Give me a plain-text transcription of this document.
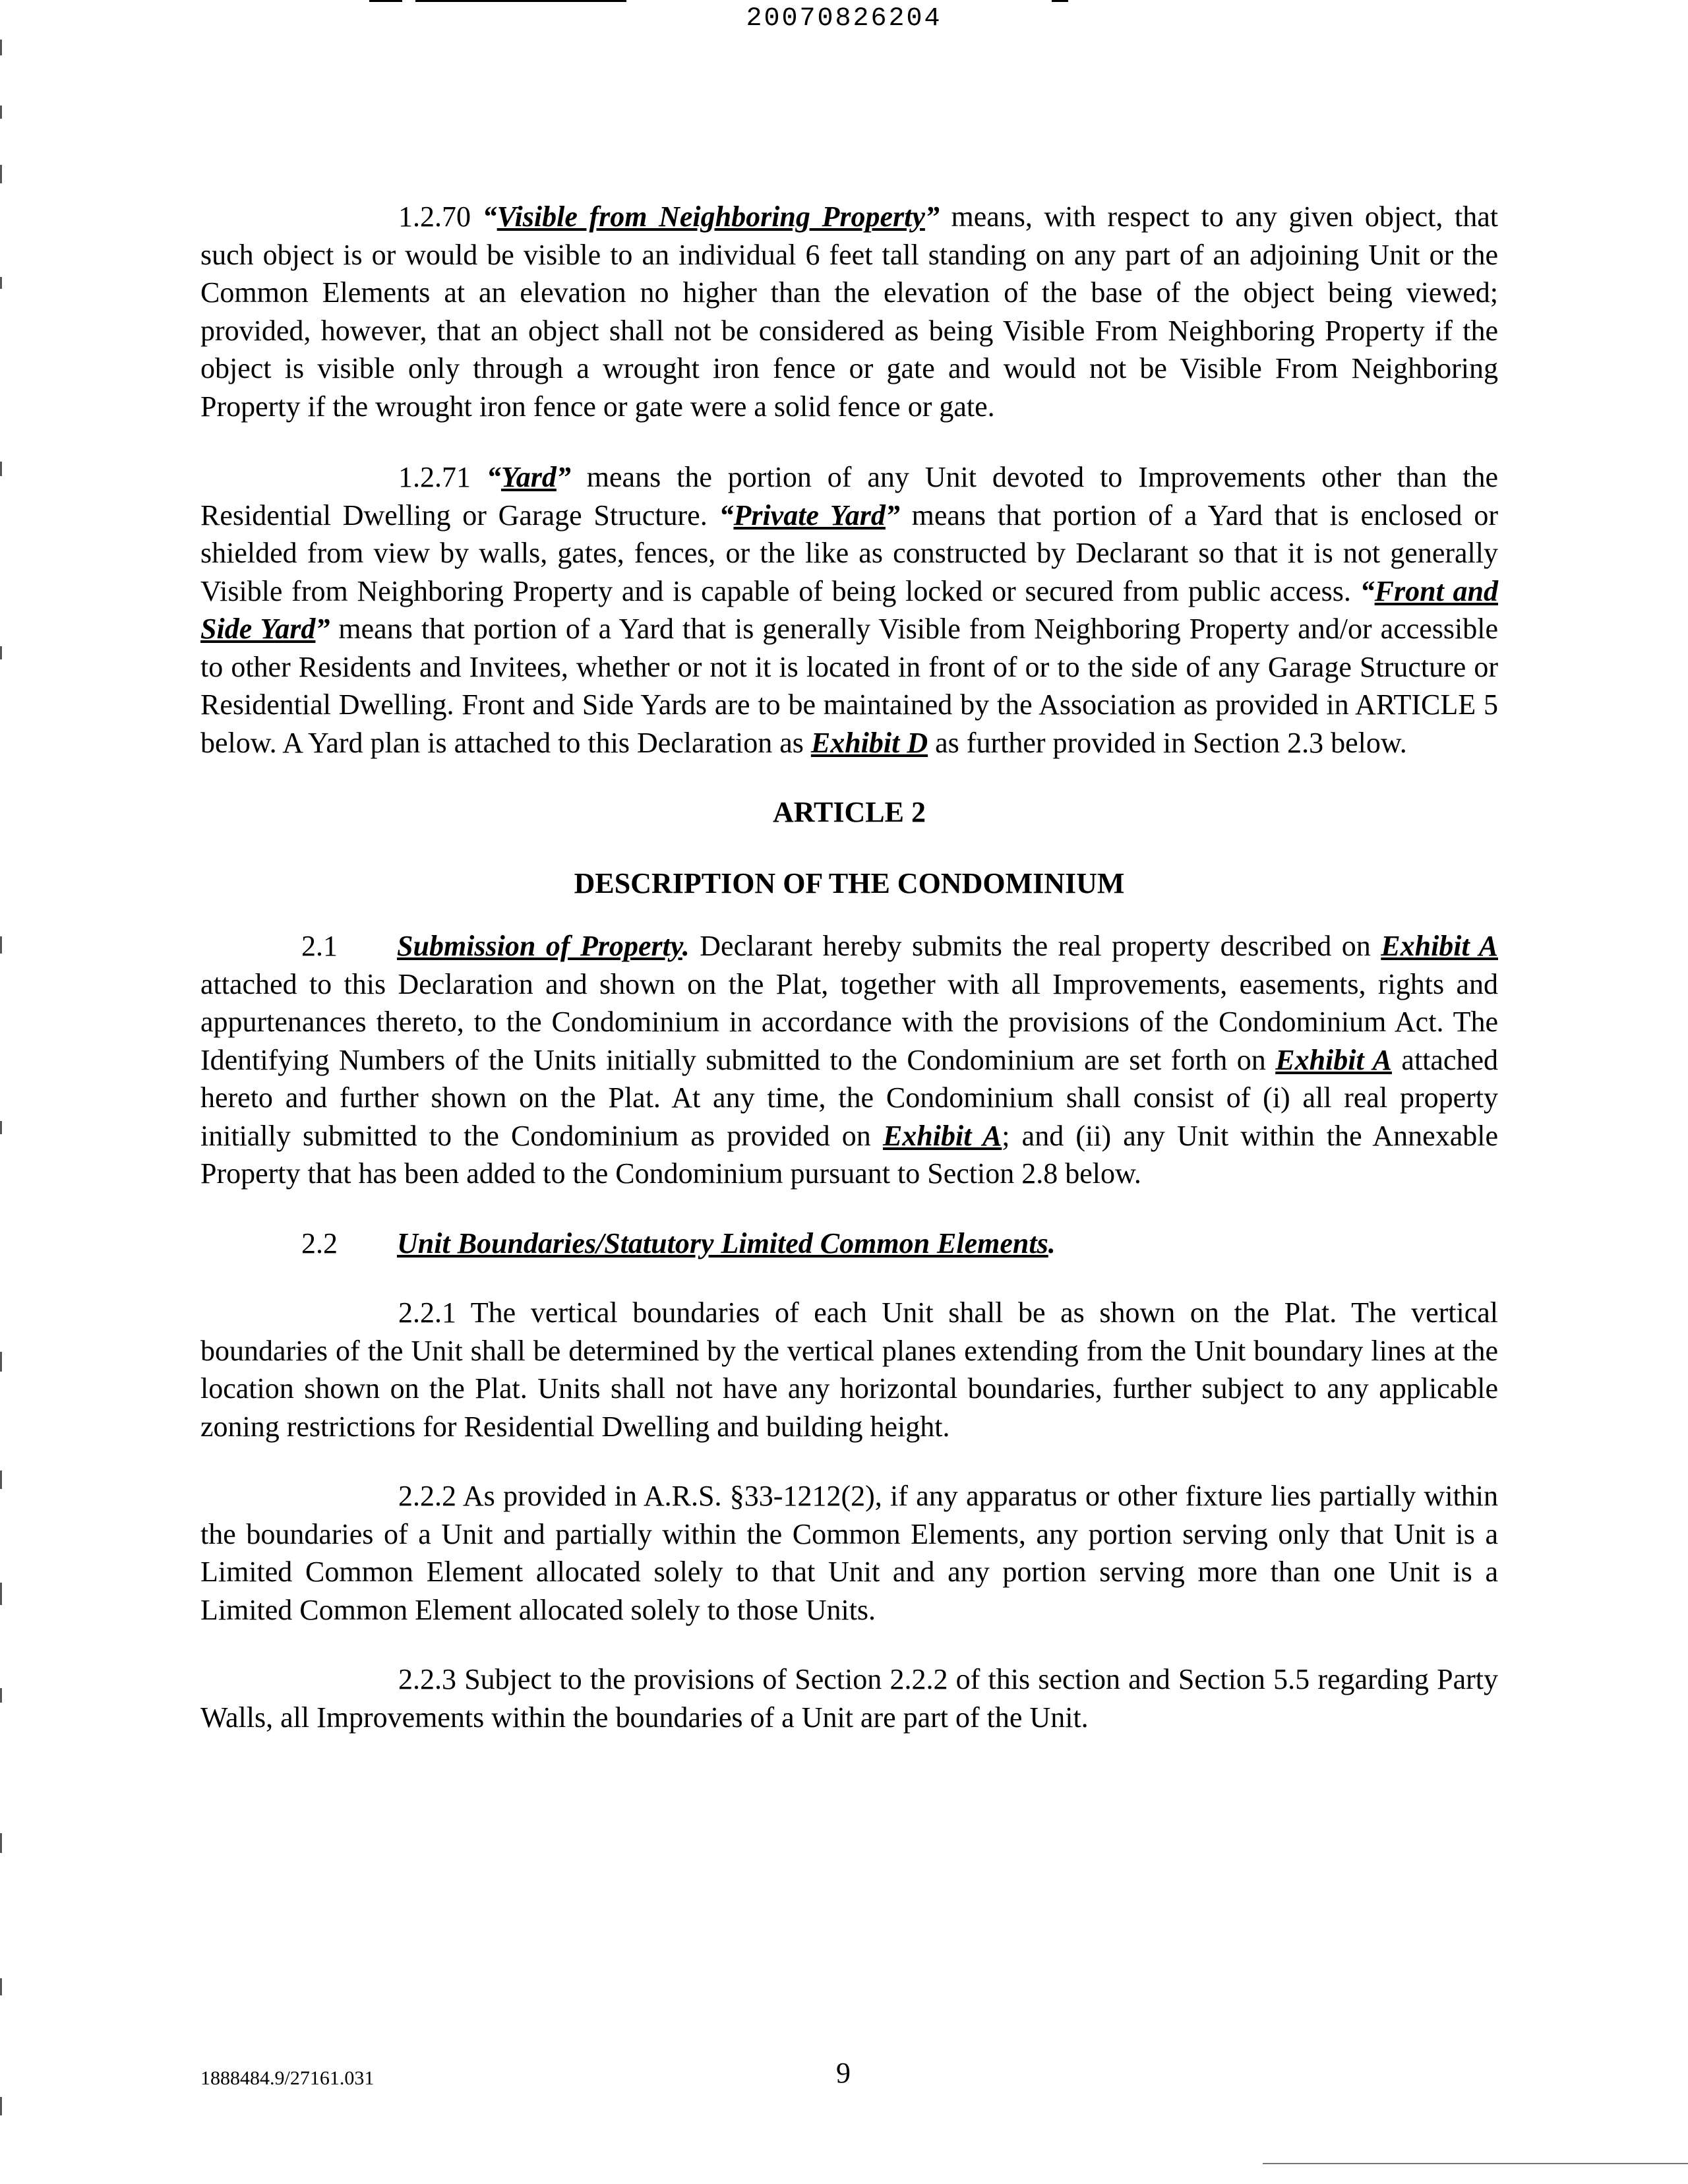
20070826204

1.2.70 “Visible from Neighboring Property” means, with respect to any given object, that such object is or would be visible to an individual 6 feet tall standing on any part of an adjoining Unit or the Common Elements at an elevation no higher than the elevation of the base of the object being viewed; provided, however, that an object shall not be considered as being Visible From Neighboring Property if the object is visible only through a wrought iron fence or gate and would not be Visible From Neighboring Property if the wrought iron fence or gate were a solid fence or gate.

1.2.71 “Yard” means the portion of any Unit devoted to Improvements other than the Residential Dwelling or Garage Structure. “Private Yard” means that portion of a Yard that is enclosed or shielded from view by walls, gates, fences, or the like as constructed by Declarant so that it is not generally Visible from Neighboring Property and is capable of being locked or secured from public access. “Front and Side Yard” means that portion of a Yard that is generally Visible from Neighboring Property and/or accessible to other Residents and Invitees, whether or not it is located in front of or to the side of any Garage Structure or Residential Dwelling. Front and Side Yards are to be maintained by the Association as provided in ARTICLE 5 below. A Yard plan is attached to this Declaration as Exhibit D as further provided in Section 2.3 below.

ARTICLE 2

DESCRIPTION OF THE CONDOMINIUM

2.1 Submission of Property. Declarant hereby submits the real property described on Exhibit A attached to this Declaration and shown on the Plat, together with all Improvements, easements, rights and appurtenances thereto, to the Condominium in accordance with the provisions of the Condominium Act. The Identifying Numbers of the Units initially submitted to the Condominium are set forth on Exhibit A attached hereto and further shown on the Plat. At any time, the Condominium shall consist of (i) all real property initially submitted to the Condominium as provided on Exhibit A; and (ii) any Unit within the Annexable Property that has been added to the Condominium pursuant to Section 2.8 below.

2.2 Unit Boundaries/Statutory Limited Common Elements.

2.2.1 The vertical boundaries of each Unit shall be as shown on the Plat. The vertical boundaries of the Unit shall be determined by the vertical planes extending from the Unit boundary lines at the location shown on the Plat. Units shall not have any horizontal boundaries, further subject to any applicable zoning restrictions for Residential Dwelling and building height.

2.2.2 As provided in A.R.S. §33-1212(2), if any apparatus or other fixture lies partially within the boundaries of a Unit and partially within the Common Elements, any portion serving only that Unit is a Limited Common Element allocated solely to that Unit and any portion serving more than one Unit is a Limited Common Element allocated solely to those Units.

2.2.3 Subject to the provisions of Section 2.2.2 of this section and Section 5.5 regarding Party Walls, all Improvements within the boundaries of a Unit are part of the Unit.

1888484.9/27161.031	9
